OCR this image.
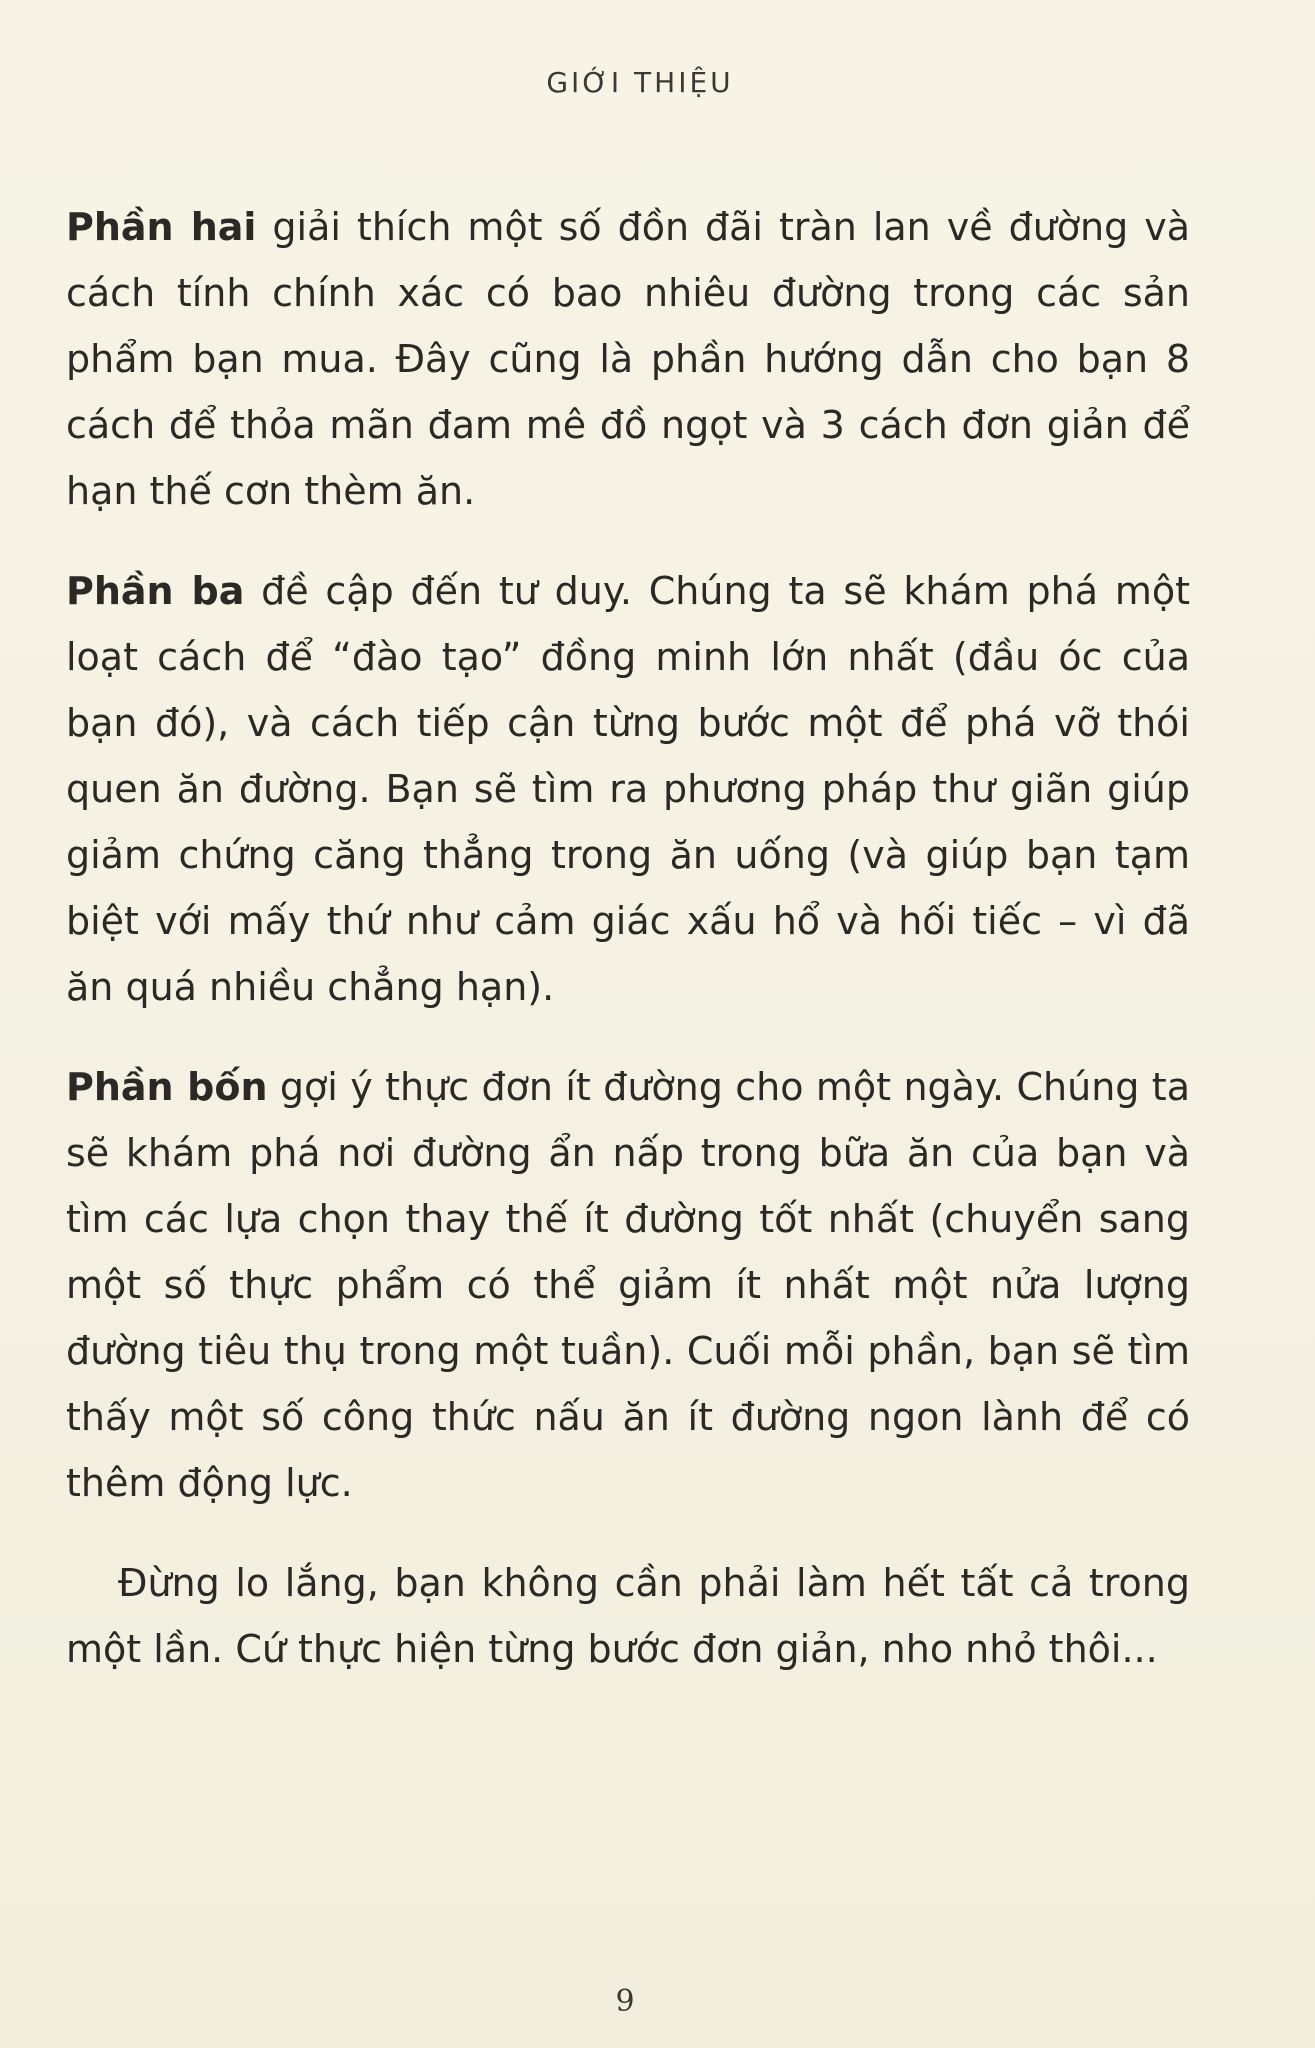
GIỚI THIỆU

Phần hai giải thích một số đồn đãi tràn lan về đường và cách tính chính xác có bao nhiêu đường trong các sản phẩm bạn mua. Đây cũng là phần hướng dẫn cho bạn 8 cách để thỏa mãn đam mê đồ ngọt và 3 cách đơn giản để hạn thế cơn thèm ăn.

Phần ba đề cập đến tư duy. Chúng ta sẽ khám phá một loạt cách để “đào tạo” đồng minh lớn nhất (đầu óc của bạn đó), và cách tiếp cận từng bước một để phá vỡ thói quen ăn đường. Bạn sẽ tìm ra phương pháp thư giãn giúp giảm chứng căng thẳng trong ăn uống (và giúp bạn tạm biệt với mấy thứ như cảm giác xấu hổ và hối tiếc – vì đã ăn quá nhiều chẳng hạn).

Phần bốn gợi ý thực đơn ít đường cho một ngày. Chúng ta sẽ khám phá nơi đường ẩn nấp trong bữa ăn của bạn và tìm các lựa chọn thay thế ít đường tốt nhất (chuyển sang một số thực phẩm có thể giảm ít nhất một nửa lượng đường tiêu thụ trong một tuần). Cuối mỗi phần, bạn sẽ tìm thấy một số công thức nấu ăn ít đường ngon lành để có thêm động lực.

Đừng lo lắng, bạn không cần phải làm hết tất cả trong một lần. Cứ thực hiện từng bước đơn giản, nho nhỏ thôi...

9
